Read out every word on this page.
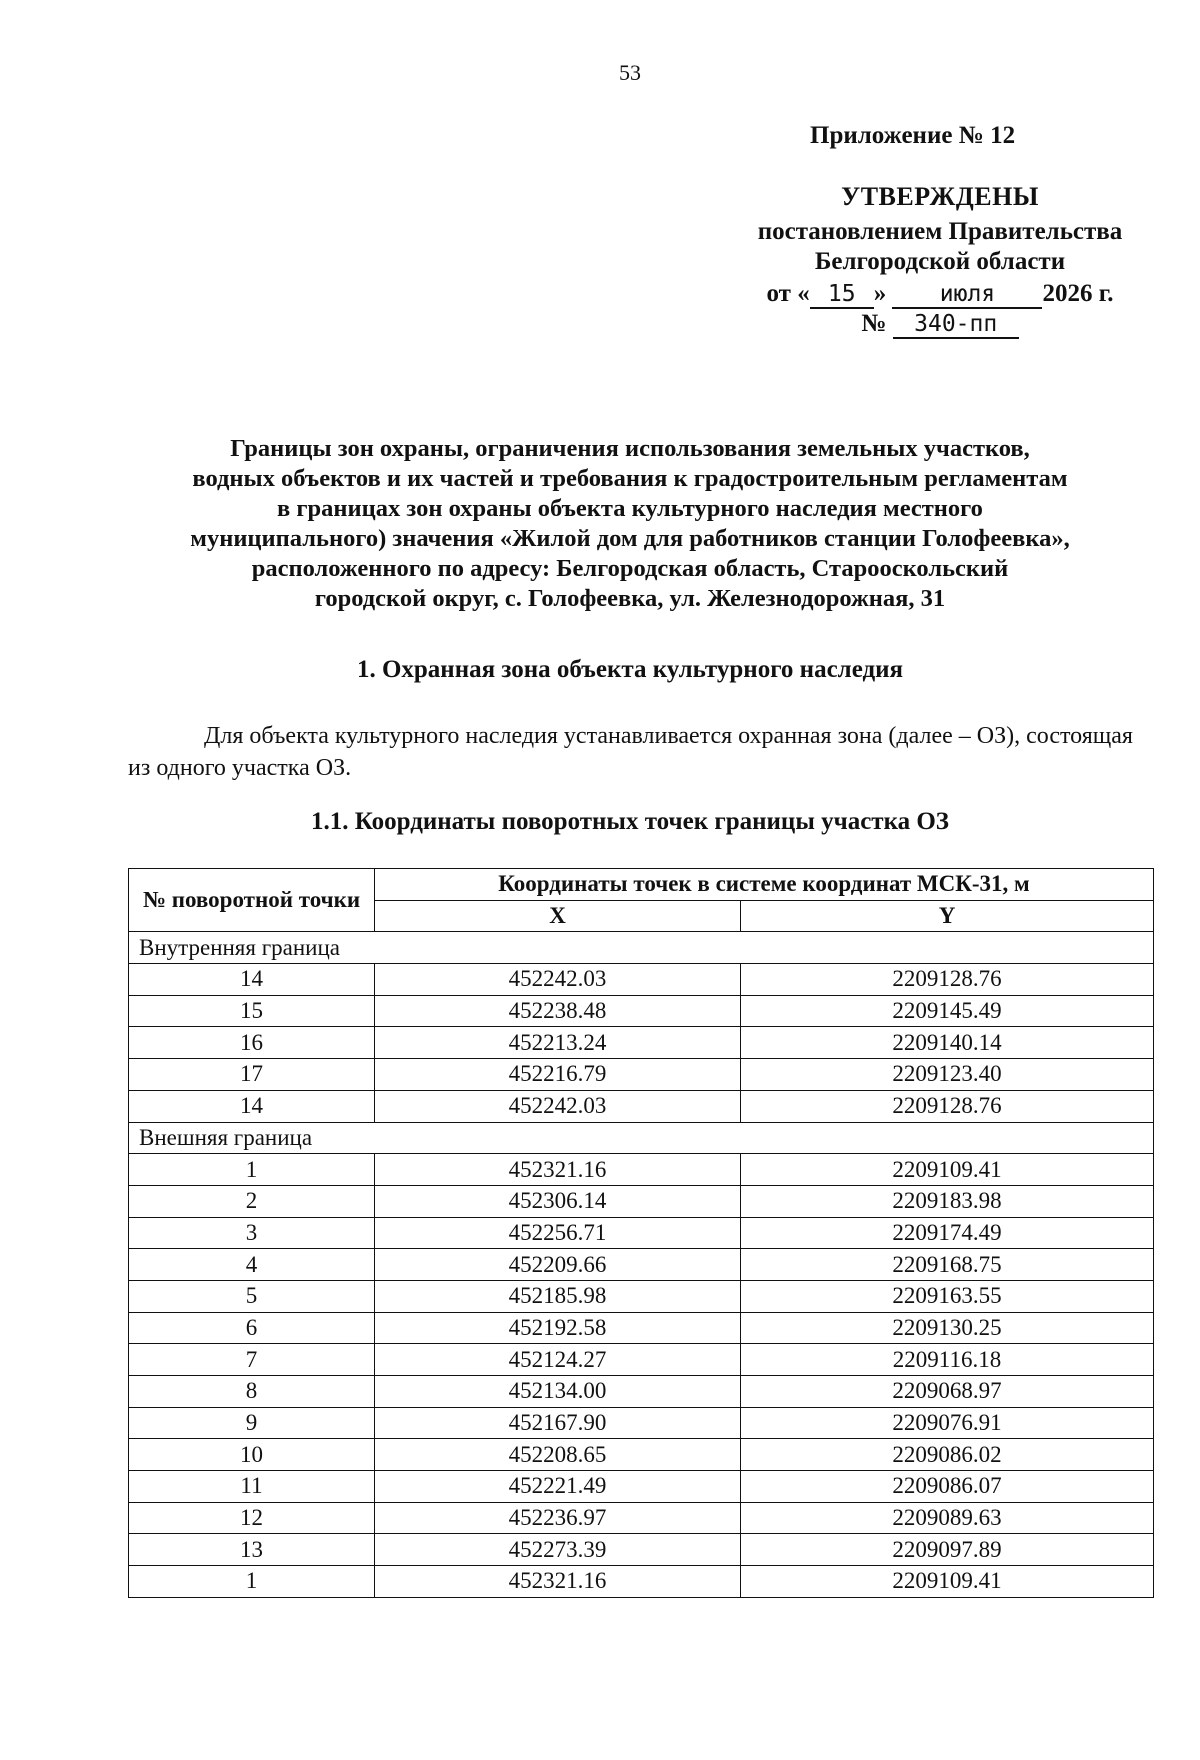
53
Приложение № 12
УТВЕРЖДЕНЫ
постановлением Правительства
Белгородской области
от « 15 » июля 2026 г.
№ 340-пп
Границы зон охраны, ограничения использования земельных участков,
водных объектов и их частей и требования к градостроительным регламентам
в границах зон охраны объекта культурного наследия местного
муниципального) значения «Жилой дом для работников станции Голофеевка»,
расположенного по адресу: Белгородская область, Старооскольский
городской округ, с. Голофеевка, ул. Железнодорожная, 31
1. Охранная зона объекта культурного наследия
Для объекта культурного наследия устанавливается охранная зона (далее – ОЗ), состоящая из одного участка ОЗ.
1.1. Координаты поворотных точек границы участка ОЗ
№ поворотной точки	Координаты точек в системе координат МСК-31, м	
	X	Y
Внутренняя граница		
14	452242.03	2209128.76
15	452238.48	2209145.49
16	452213.24	2209140.14
17	452216.79	2209123.40
14	452242.03	2209128.76
Внешняя граница		
1	452321.16	2209109.41
2	452306.14	2209183.98
3	452256.71	2209174.49
4	452209.66	2209168.75
5	452185.98	2209163.55
6	452192.58	2209130.25
7	452124.27	2209116.18
8	452134.00	2209068.97
9	452167.90	2209076.91
10	452208.65	2209086.02
11	452221.49	2209086.07
12	452236.97	2209089.63
13	452273.39	2209097.89
1	452321.16	2209109.41
